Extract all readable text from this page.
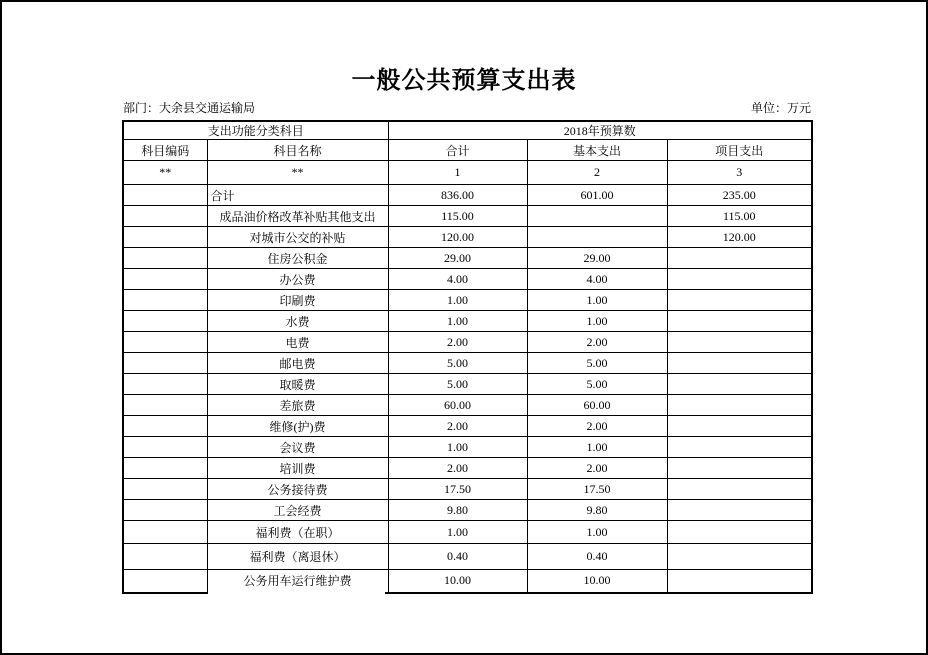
一般公共预算支出表
部门：大余县交通运输局	单位：万元
支出功能分类科目		2018年预算数		
科目编码	科目名称	合计	基本支出	项目支出
**	**	1	2	3
	合计	836.00	601.00	235.00
	成品油价格改革补贴其他支出	115.00		115.00
	对城市公交的补贴	120.00		120.00
	住房公积金	29.00	29.00	
	办公费	4.00	4.00	
	印刷费	1.00	1.00	
	水费	1.00	1.00	
	电费	2.00	2.00	
	邮电费	5.00	5.00	
	取暖费	5.00	5.00	
	差旅费	60.00	60.00	
	维修(护)费	2.00	2.00	
	会议费	1.00	1.00	
	培训费	2.00	2.00	
	公务接待费	17.50	17.50	
	工会经费	9.80	9.80	
	福利费（在职）	1.00	1.00	
	福利费（离退休）	0.40	0.40	
	公务用车运行维护费	10.00	10.00	
